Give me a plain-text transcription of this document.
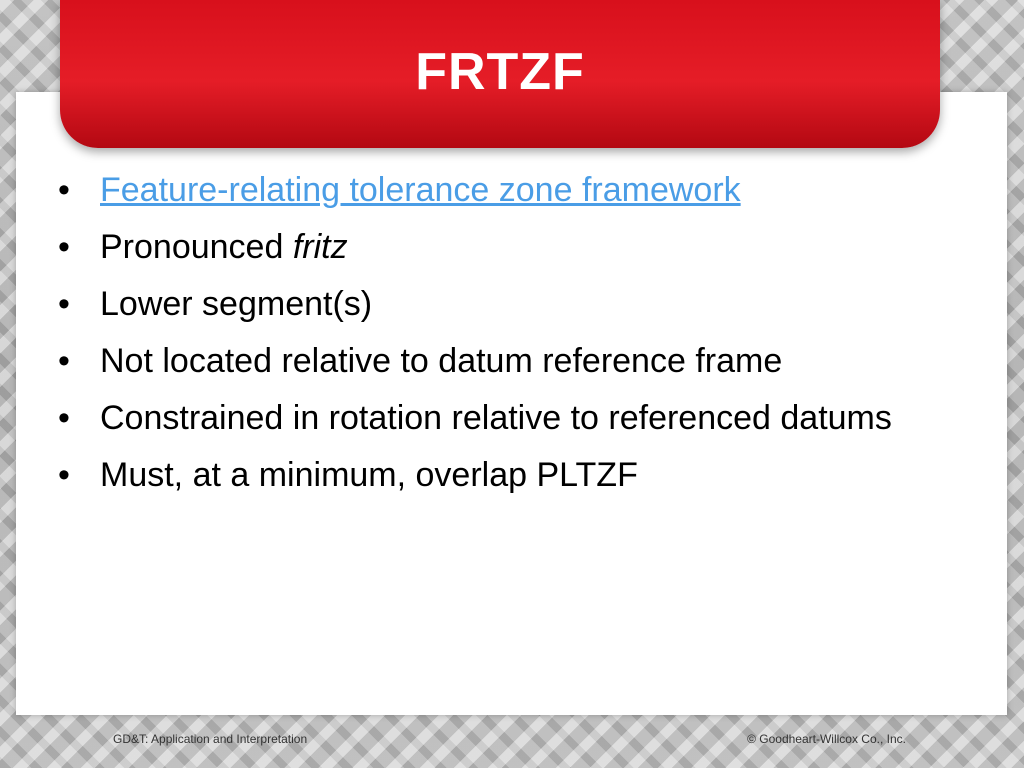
FRTZF
• Feature-relating tolerance zone framework
• Pronounced fritz
• Lower segment(s)
• Not located relative to datum reference frame
• Constrained in rotation relative to referenced datums
• Must, at a minimum, overlap PLTZF
GD&T: Application and Interpretation	© Goodheart-Willcox Co., Inc.
